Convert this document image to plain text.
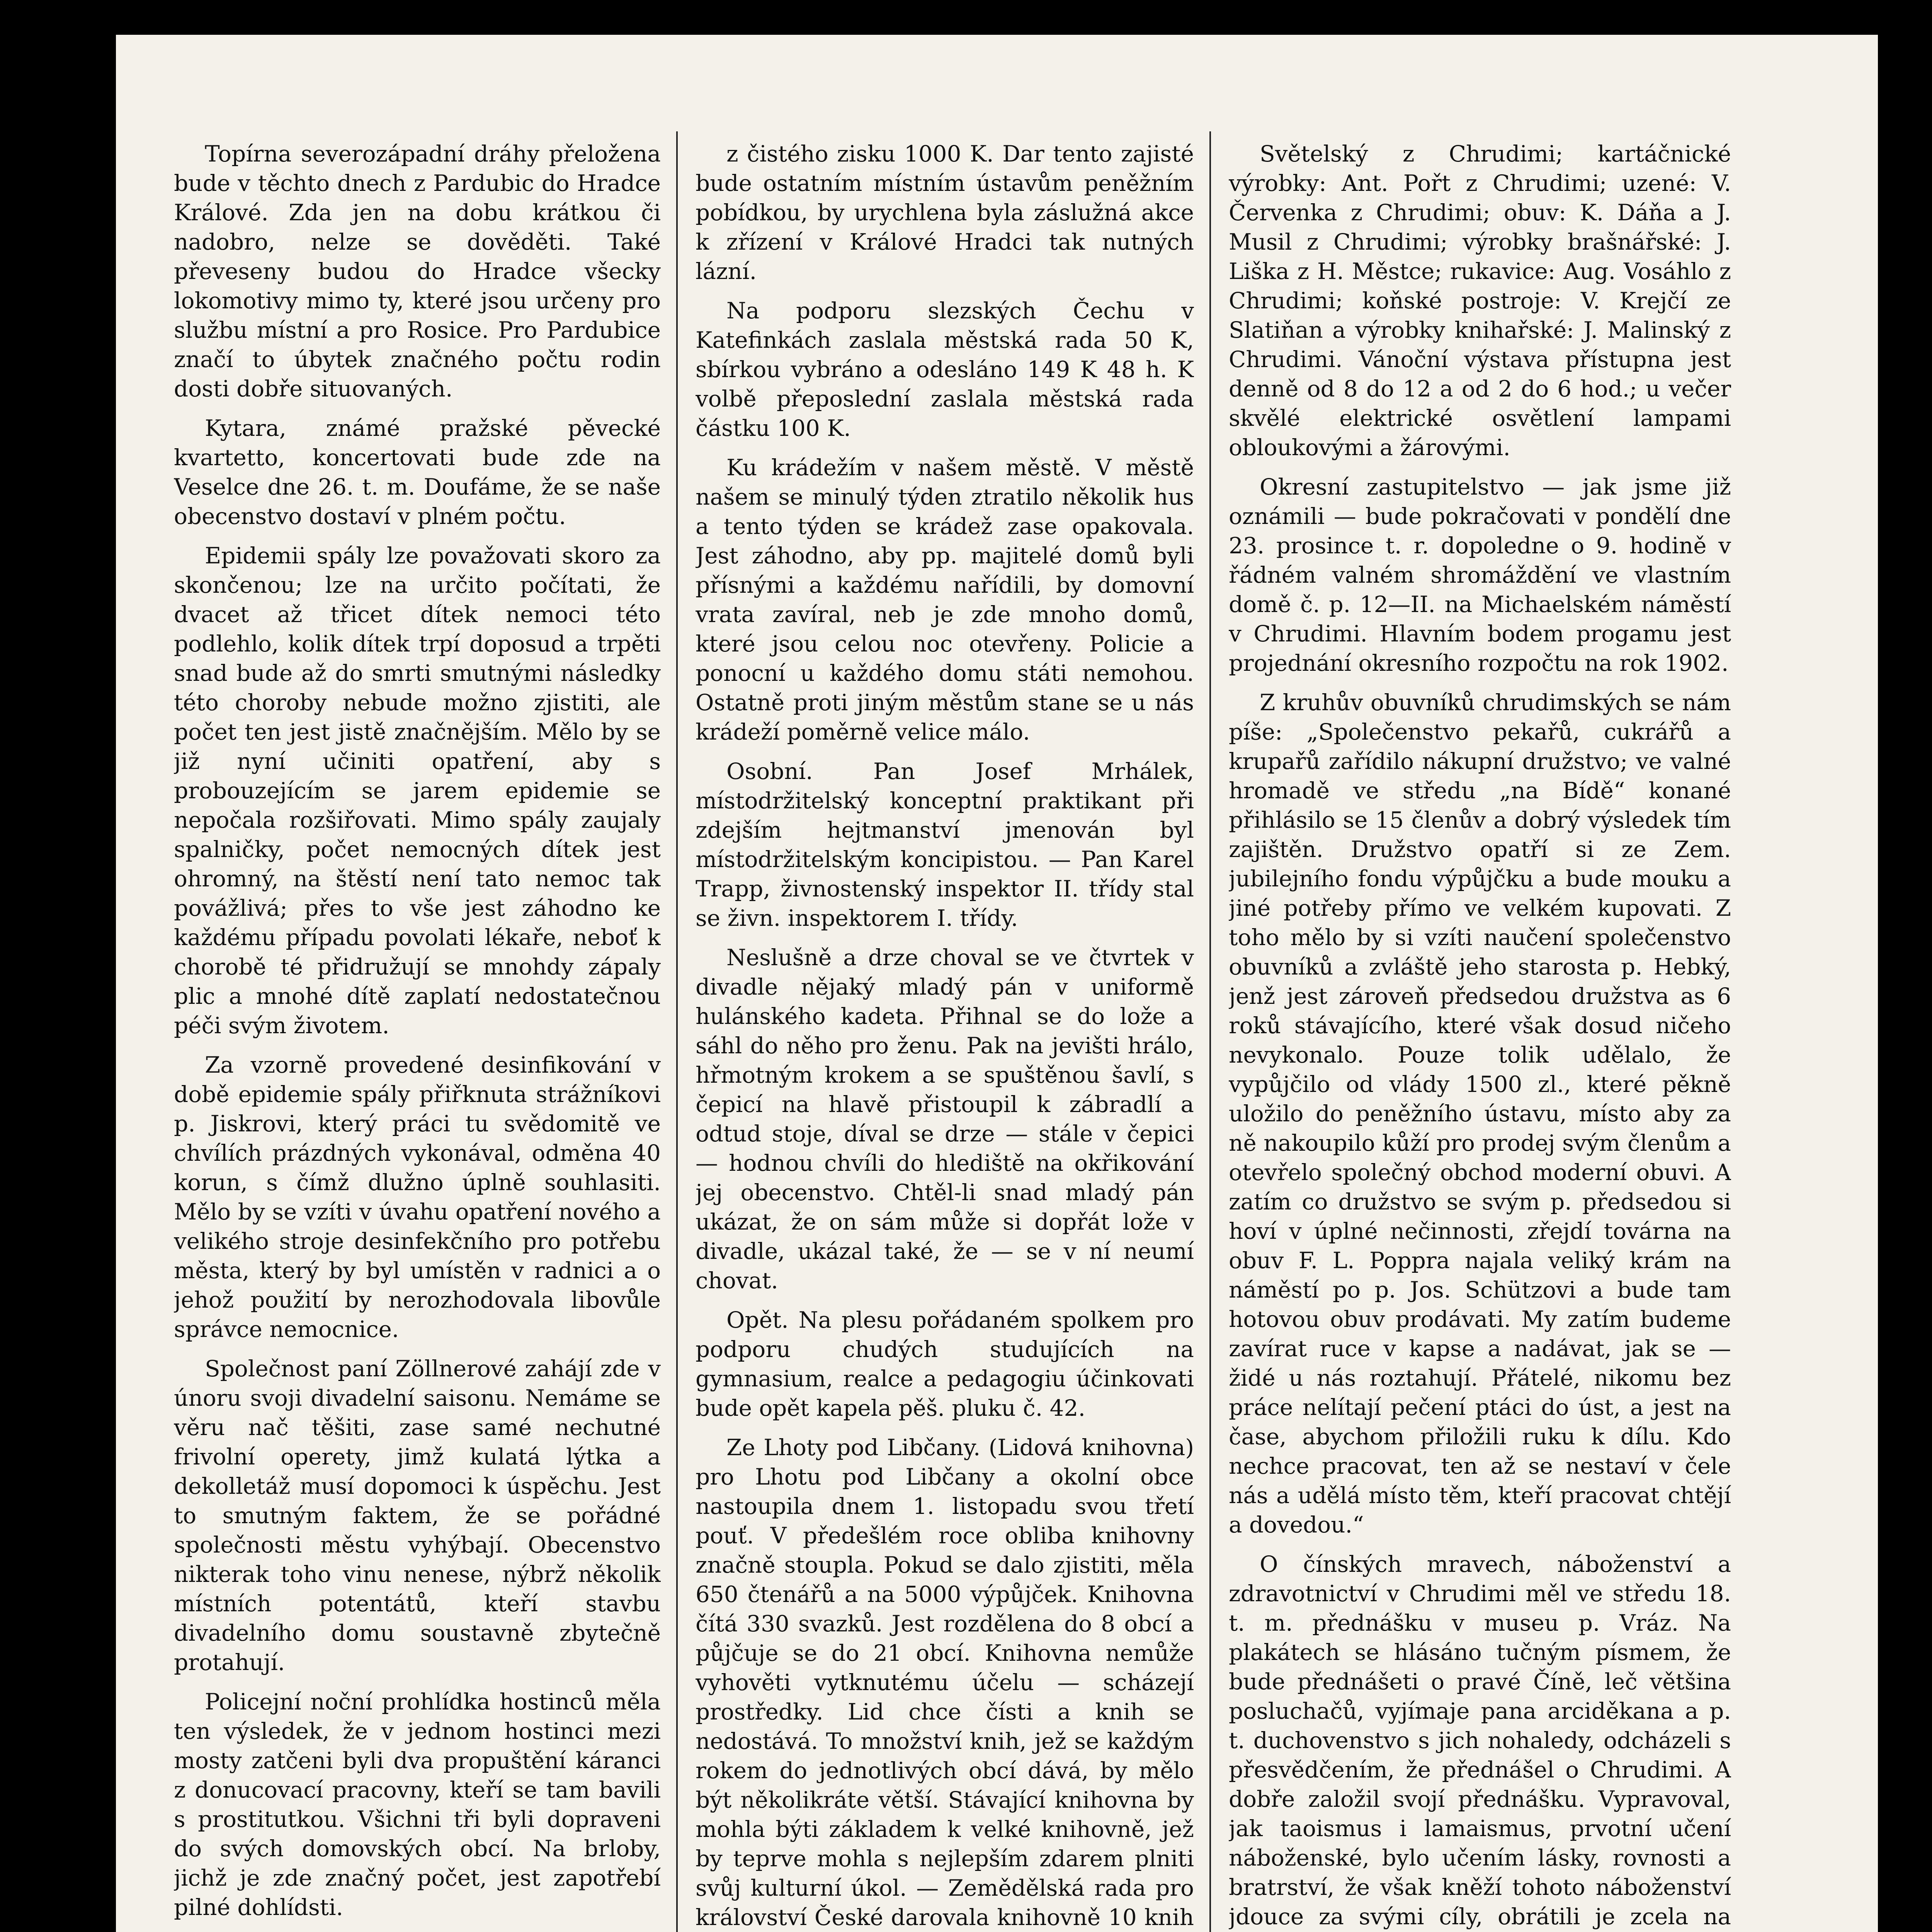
Topírna severozápadní dráhy přeložena bude v těchto dnech z Pardubic do Hradce Králové. Zda jen na dobu krátkou či nadobro, nelze se dověděti. Také převeseny budou do Hradce všecky lokomotivy mimo ty, které jsou určeny pro službu místní a pro Rosice. Pro Pardubice značí to úbytek značného počtu rodin dosti dobře situovaných.

Kytara, známé pražské pěvecké kvartetto, koncertovati bude zde na Veselce dne 26. t. m. Doufáme, že se naše obecenstvo dostaví v plném počtu.

Epidemii spály lze považovati skoro za skončenou; lze na určito počítati, že dvacet až třicet dítek nemoci této podlehlo, kolik dítek trpí doposud a trpěti snad bude až do smrti smutnými následky této choroby nebude možno zjistiti, ale počet ten jest jistě značnějším. Mělo by se již nyní učiniti opatření, aby s probouzejícím se jarem epidemie se nepočala rozšiřovati. Mimo spály zaujaly spalničky, počet nemocných dítek jest ohromný, na štěstí není tato nemoc tak povážlivá; přes to vše jest záhodno ke každému případu povolati lékaře, neboť k chorobě té přidružují se mnohdy zápaly plic a mnohé dítě zaplatí nedostatečnou péči svým životem.

Za vzorně provedené desinfikování v době epidemie spály přiřknuta strážníkovi p. Jiskrovi, který práci tu svědomitě ve chvílích prázdných vykonával, odměna 40 korun, s čímž dlužno úplně souhlasiti. Mělo by se vzíti v úvahu opatření nového a velikého stroje desinfekčního pro potřebu města, který by byl umístěn v radnici a o jehož použití by nerozhodovala libovůle správce nemocnice.

Společnost paní Zöllnerové zahájí zde v únoru svoji divadelní saisonu. Nemáme se věru nač těšiti, zase samé nechutné frivolní operety, jimž kulatá lýtka a dekolletáž musí dopomoci k úspěchu. Jest to smutným faktem, že se pořádné společnosti městu vyhýbají. Obecenstvo nikterak toho vinu nenese, nýbrž několik místních potentátů, kteří stavbu divadelního domu soustavně zbytečně protahují.

Policejní noční prohlídka hostinců měla ten výsledek, že v jednom hostinci mezi mosty zatčeni byli dva propuštění káranci z donucovací pracovny, kteří se tam bavili s prostitutkou. Všichni tři byli dopraveni do svých domovských obcí. Na brloby, jichž je zde značný počet, jest zapotřebí pilné dohlídsti.

z čistého zisku 1000 K. Dar tento zajisté bude ostatním místním ústavům peněžním pobídkou, by urychlena byla záslužná akce k zřízení v Králové Hradci tak nutných lázní.

Na podporu slezských Čechu v Katefinkách zaslala městská rada 50 K, sbírkou vybráno a odesláno 149 K 48 h. K volbě přeposlední zaslala městská rada částku 100 K.

Ku krádežím v našem městě. V městě našem se minulý týden ztratilo několik hus a tento týden se krádež zase opakovala. Jest záhodno, aby pp. majitelé domů byli přísnými a každému nařídili, by domovní vrata zavíral, neb je zde mnoho domů, které jsou celou noc otevřeny. Policie a ponocní u každého domu státi nemohou. Ostatně proti jiným městům stane se u nás krádeží poměrně velice málo.

Osobní. Pan Josef Mrhálek, místodržitelský konceptní praktikant při zdejším hejtmanství jmenován byl místodržitelským koncipistou. — Pan Karel Trapp, živnostenský inspektor II. třídy stal se živn. inspektorem I. třídy.

Neslušně a drze choval se ve čtvrtek v divadle nějaký mladý pán v uniformě hulánského kadeta. Přihnal se do lože a sáhl do něho pro ženu. Pak na jevišti hrálo, hřmotným krokem a se spuštěnou šavlí, s čepicí na hlavě přistoupil k zábradlí a odtud stoje, díval se drze — stále v čepici — hodnou chvíli do hlediště na okřikování jej obecenstvo. Chtěl-li snad mladý pán ukázat, že on sám může si dopřát lože v divadle, ukázal také, že — se v ní neumí chovat.

Opět. Na plesu pořádaném spolkem pro podporu chudých studujících na gymnasium, realce a pedagogiu účinkovati bude opět kapela pěš. pluku č. 42.

Ze Lhoty pod Libčany. (Lidová knihovna) pro Lhotu pod Libčany a okolní obce nastoupila dnem 1. listopadu svou třetí pouť. V předešlém roce obliba knihovny značně stoupla. Pokud se dalo zjistiti, měla 650 čtenářů a na 5000 výpůjček. Knihovna čítá 330 svazků. Jest rozdělena do 8 obcí a půjčuje se do 21 obcí. Knihovna nemůže vyhověti vytknutému účelu — scházejí prostředky. Lid chce čísti a knih se nedostává. To množství knih, jež se každým rokem do jednotlivých obcí dává, by mělo být několikráte větší. Stávající knihovna by mohla býti základem k velké knihovně, jež by teprve mohla s nejlepším zdarem plniti svůj kulturní úkol. — Zemědělská rada pro království České darovala knihovně 10 knih

Světelský z Chrudimi; kartáčnické výrobky: Ant. Pořt z Chrudimi; uzené: V. Červenka z Chrudimi; obuv: K. Dáňa a J. Musil z Chrudimi; výrobky brašnářské: J. Liška z H. Městce; rukavice: Aug. Vosáhlo z Chrudimi; koňské postroje: V. Krejčí ze Slatiňan a výrobky knihařské: J. Malinský z Chrudimi. Vánoční výstava přístupna jest denně od 8 do 12 a od 2 do 6 hod.; u večer skvělé elektrické osvětlení lampami obloukovými a žárovými.

Okresní zastupitelstvo — jak jsme již oznámili — bude pokračovati v pondělí dne 23. prosince t. r. dopoledne o 9. hodině v řádném valném shromáždění ve vlastním domě č. p. 12—II. na Michaelském náměstí v Chrudimi. Hlavním bodem progamu jest projednání okresního rozpočtu na rok 1902.

Z kruhův obuvníků chrudimských se nám píše: „Společenstvo pekařů, cukrářů a krupařů zařídilo nákupní družstvo; ve valné hromadě ve středu „na Bídě“ konané přihlásilo se 15 členův a dobrý výsledek tím zajištěn. Družstvo opatří si ze Zem. jubilejního fondu výpůjčku a bude mouku a jiné potřeby přímo ve velkém kupovati. Z toho mělo by si vzíti naučení společenstvo obuvníků a zvláště jeho starosta p. Hebký, jenž jest zároveň předsedou družstva as 6 roků stávajícího, které však dosud ničeho nevykonalo. Pouze tolik udělalo, že vypůjčilo od vlády 1500 zl., které pěkně uložilo do peněžního ústavu, místo aby za ně nakoupilo kůží pro prodej svým členům a otevřelo společný obchod moderní obuvi. A zatím co družstvo se svým p. předsedou si hoví v úplné nečinnosti, zřejdí továrna na obuv F. L. Poppra najala veliký krám na náměstí po p. Jos. Schützovi a bude tam hotovou obuv prodávati. My zatím budeme zavírat ruce v kapse a nadávat, jak se — židé u nás roztahují. Přátelé, nikomu bez práce nelítají pečení ptáci do úst, a jest na čase, abychom přiložili ruku k dílu. Kdo nechce pracovat, ten až se nestaví v čele nás a udělá místo těm, kteří pracovat chtějí a dovedou.“

O čínských mravech, náboženství a zdravotnictví v Chrudimi měl ve středu 18. t. m. přednášku v museu p. Vráz. Na plakátech se hlásáno tučným písmem, že bude přednášeti o pravé Číně, leč většina posluchačů, vyjímaje pana arciděkana a p. t. duchovenstvo s jich nohaledy, odcházeli s přesvědčením, že přednášel o Chrudimi. A dobře založil svojí přednášku. Vypravoval, jak taoismus i lamaismus, prvotní učení náboženské, bylo učením lásky, rovnosti a bratrství, že však kněží tohoto náboženství jdouce za svými cíly, obrátili je zcela na
